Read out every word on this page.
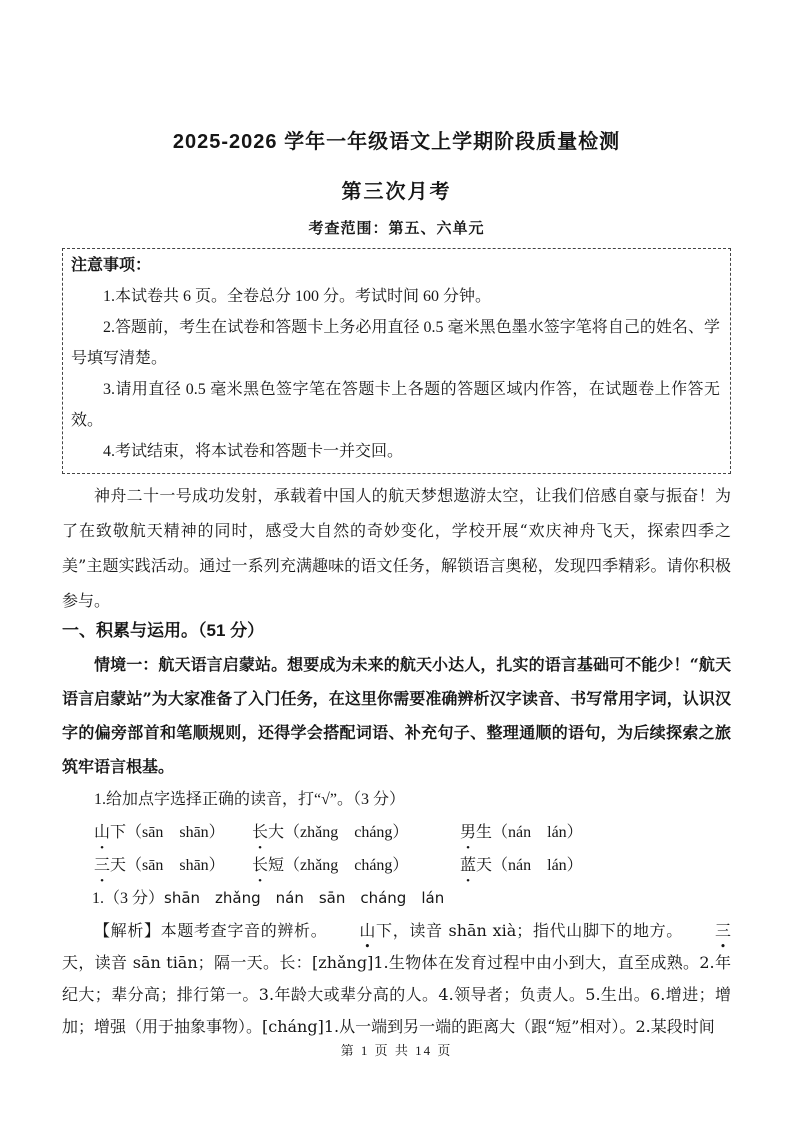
2025-2026 学年一年级语文上学期阶段质量检测
第三次月考
考查范围：第五、六单元
注意事项：

1.本试卷共 6 页。全卷总分 100 分。考试时间 60 分钟。

2.答题前，考生在试卷和答题卡上务必用直径 0.5 毫米黑色墨水签字笔将自己的姓名、学号填写清楚。

3.请用直径 0.5 毫米黑色签字笔在答题卡上各题的答题区域内作答，在试题卷上作答无效。

4.考试结束，将本试卷和答题卡一并交回。

神舟二十一号成功发射，承载着中国人的航天梦想遨游太空，让我们倍感自豪与振奋！为了在致敬航天精神的同时，感受大自然的奇妙变化，学校开展“欢庆神舟飞天，探索四季之美”主题实践活动。通过一系列充满趣味的语文任务，解锁语言奥秘，发现四季精彩。请你积极参与。

一、积累与运用。（51 分）

情境一：航天语言启蒙站。想要成为未来的航天小达人，扎实的语言基础可不能少！“航天语言启蒙站”为大家准备了入门任务，在这里你需要准确辨析汉字读音、书写常用字词，认识汉字的偏旁部首和笔顺规则，还得学会搭配词语、补充句子、整理通顺的语句，为后续探索之旅筑牢语言根基。

1.给加点字选择正确的读音，打“√”。（3 分）

山下（sān　shān）	长大（zhǎng　cháng）	男生（nán　lán）
三天（sān　shān）	长短（zhǎng　cháng）	蓝天（nán　lán）

1.（3 分）shān　zhǎng　nán　sān　cháng　lán

【解析】本题考查字音的辨析。 山下，读音 shān xià；指代山脚下的地方。 三天，读音 sān tiān；隔一天。长：[zhǎng]1.生物体在发育过程中由小到大，直至成熟。2.年纪大；辈分高；排行第一。3.年龄大或辈分高的人。4.领导者；负责人。5.生出。6.增进；增加；增强（用于抽象事物）。[cháng]1.从一端到另一端的距离大（跟“短”相对）。2.某段时间

第 1 页 共 14 页
